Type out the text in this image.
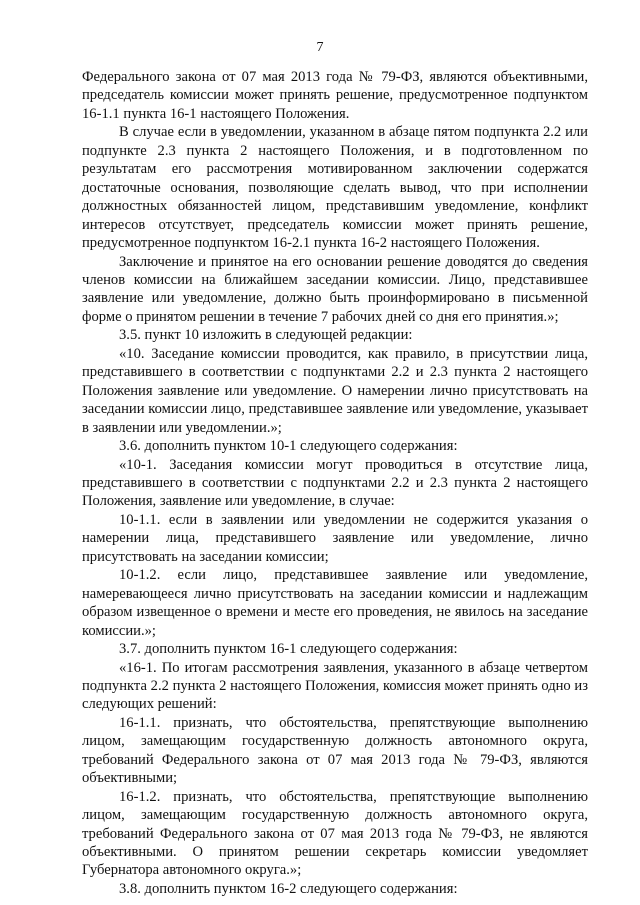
7

Федерального закона от 07 мая 2013 года № 79-ФЗ, являются объективными, председатель комиссии может принять решение, предусмотренное подпунктом 16-1.1 пункта 16-1 настоящего Положения.

В случае если в уведомлении, указанном в абзаце пятом подпункта 2.2 или подпункте 2.3 пункта 2 настоящего Положения, и в подготовленном по результатам его рассмотрения мотивированном заключении содержатся достаточные основания, позволяющие сделать вывод, что при исполнении должностных обязанностей лицом, представившим уведомление, конфликт интересов отсутствует, председатель комиссии может принять решение, предусмотренное подпунктом 16-2.1 пункта 16-2 настоящего Положения.

Заключение и принятое на его основании решение доводятся до сведения членов комиссии на ближайшем заседании комиссии. Лицо, представившее заявление или уведомление, должно быть проинформировано в письменной форме о принятом решении в течение 7 рабочих дней со дня его принятия.»;

3.5. пункт 10 изложить в следующей редакции:

«10. Заседание комиссии проводится, как правило, в присутствии лица, представившего в соответствии с подпунктами 2.2 и 2.3 пункта 2 настоящего Положения заявление или уведомление. О намерении лично присутствовать на заседании комиссии лицо, представившее заявление или уведомление, указывает в заявлении или уведомлении.»;

3.6. дополнить пунктом 10-1 следующего содержания:

«10-1. Заседания комиссии могут проводиться в отсутствие лица, представившего в соответствии с подпунктами 2.2 и 2.3 пункта 2 настоящего Положения, заявление или уведомление, в случае:

10-1.1. если в заявлении или уведомлении не содержится указания о намерении лица, представившего заявление или уведомление, лично присутствовать на заседании комиссии;

10-1.2. если лицо, представившее заявление или уведомление, намеревающееся лично присутствовать на заседании комиссии и надлежащим образом извещенное о времени и месте его проведения, не явилось на заседание комиссии.»;

3.7. дополнить пунктом 16-1 следующего содержания:

«16-1. По итогам рассмотрения заявления, указанного в абзаце четвертом подпункта 2.2 пункта 2 настоящего Положения, комиссия может принять одно из следующих решений:

16-1.1. признать, что обстоятельства, препятствующие выполнению лицом, замещающим государственную должность автономного округа, требований Федерального закона от 07 мая 2013 года № 79-ФЗ, являются объективными;

16-1.2. признать, что обстоятельства, препятствующие выполнению лицом, замещающим государственную должность автономного округа, требований Федерального закона от 07 мая 2013 года № 79-ФЗ, не являются объективными. О принятом решении секретарь комиссии уведомляет Губернатора автономного округа.»;

3.8. дополнить пунктом 16-2 следующего содержания:
